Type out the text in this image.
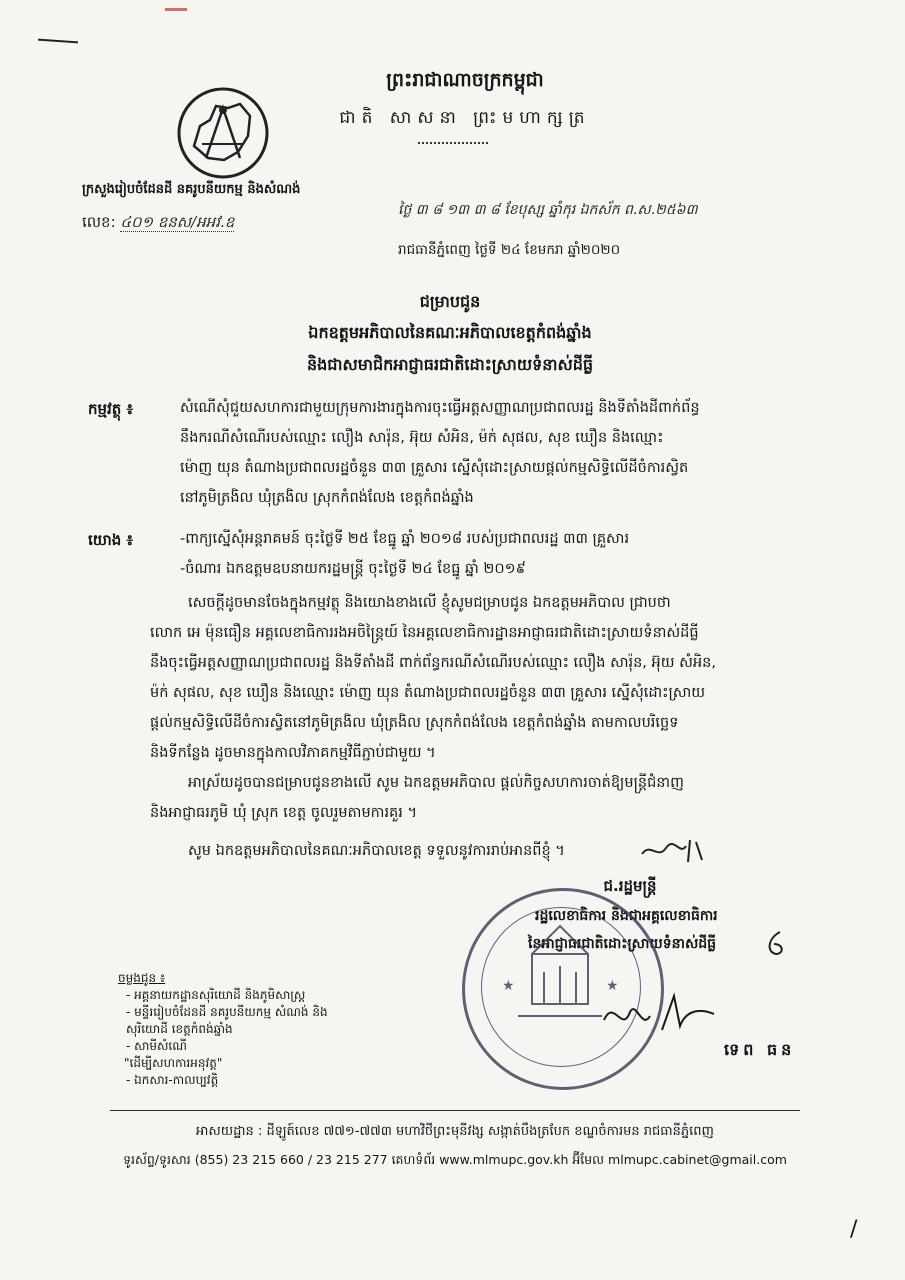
ព្រះរាជាណាចក្រកម្ពុជា
ជាតិ សាសនា ព្រះមហាក្សត្រ
ក្រសួងរៀបចំដែនដី នគរូបនីយកម្ម និងសំណង់
លេខ: ៤០១ ឧនស/អអវ.ឧ
ថ្ងៃ ៣ ៨ ១៣ ៣ ៨ ខែបុស្ស ឆ្នាំកុរ ឯកស័ក ព.ស.២៥៦៣
រាជធានីភ្នំពេញ ថ្ងៃទី ២៤ ខែមករា ឆ្នាំ២០២០
ជម្រាបជូន
ឯកឧត្តមអភិបាលនៃគណៈអភិបាលខេត្តកំពង់ឆ្នាំង
និងជាសមាជិកអាជ្ញាធរជាតិដោះស្រាយទំនាស់ដីធ្លី
កម្មវត្ថុ ៖	សំណើសុំជួយសហការជាមួយក្រុមការងារក្នុងការចុះធ្វើអត្តសញ្ញាណប្រជាពលរដ្ឋ និងទីតាំងដីពាក់ព័ន្ធ
នឹងករណីសំណើរបស់ឈ្មោះ លឿង សារ៉ុន, អ៊ុយ សំអិន, ម៉ក់ សុផល, សុខ ឃឿន និងឈ្មោះ
ម៉ោញ យុន តំណាងប្រជាពលរដ្ឋចំនួន ៣៣ គ្រួសារ ស្នើសុំដោះស្រាយផ្តល់កម្មសិទ្ធិលើដីចំការស្វិត
នៅភូមិត្រងិល ឃុំត្រងិល ស្រុកកំពង់លែង ខេត្តកំពង់ឆ្នាំង
យោង ៖	-ពាក្យស្នើសុំអន្តរាគមន៍ ចុះថ្ងៃទី ២៥ ខែធ្នូ ឆ្នាំ ២០១៨ របស់ប្រជាពលរដ្ឋ ៣៣ គ្រួសារ
-ចំណារ ឯកឧត្តមឧបនាយករដ្ឋមន្ត្រី ចុះថ្ងៃទី ២៤ ខែធ្នូ ឆ្នាំ ២០១៩
សេចក្តីដូចមានចែងក្នុងកម្មវត្ថុ និងយោងខាងលើ ខ្ញុំសូមជម្រាបជូន ឯកឧត្តមអភិបាល ជ្រាបថា
លោក អេ ម៉ុនធឿន អគ្គលេខាធិការរងអចិន្ត្រៃយ៍ នៃអគ្គលេខាធិការដ្ឋានអាជ្ញាធរជាតិដោះស្រាយទំនាស់ដីធ្លី
នឹងចុះធ្វើអត្តសញ្ញាណប្រជាពលរដ្ឋ និងទីតាំងដី ពាក់ព័ន្ធករណីសំណើរបស់ឈ្មោះ លឿង សារ៉ុន, អ៊ុយ សំអិន,
ម៉ក់ សុផល, សុខ ឃឿន និងឈ្មោះ ម៉ោញ យុន តំណាងប្រជាពលរដ្ឋចំនួន ៣៣ គ្រួសារ ស្នើសុំដោះស្រាយ
ផ្តល់កម្មសិទ្ធិលើដីចំការស្វិតនៅភូមិត្រងិល ឃុំត្រងិល ស្រុកកំពង់លែង ខេត្តកំពង់ឆ្នាំង តាមកាលបរិច្ឆេទ
និងទីកន្លែង ដូចមានក្នុងកាលវិភាគកម្មវិធីភ្ជាប់ជាមួយ ។
អាស្រ័យដូចបានជម្រាបជូនខាងលើ សូម ឯកឧត្តមអភិបាល ផ្តល់កិច្ចសហការចាត់ឱ្យមន្ត្រីជំនាញ
និងអាជ្ញាធរភូមិ ឃុំ ស្រុក ខេត្ត ចូលរួមតាមការគួរ ។
សូម ឯកឧត្តមអភិបាលនៃគណៈអភិបាលខេត្ត ទទួលនូវការរាប់អានពីខ្ញុំ ។
ជ.រដ្ឋមន្ត្រី
រដ្ឋលេខាធិការ និងជាអគ្គលេខាធិការ
នៃអាជ្ញាធរជាតិដោះស្រាយទំនាស់ដីធ្លី
★	★
ទេព ធន
ចម្លងជូន ៖
- អគ្គនាយកដ្ឋានសុរិយោដី និងភូមិសាស្ត្រ
- មន្ទីររៀបចំដែនដី នគរូបនីយកម្ម សំណង់ និង
សុរិយោដី ខេត្តកំពង់ឆ្នាំង
- សាមីសំណើ
"ដើម្បីសហការអនុវត្ត"
- ឯកសារ-កាលប្បវត្តិ
អាសយដ្ឋាន : ដីឡូត៍លេខ ៧៧១-៧៧៣ មហាវិថីព្រះមុនីវង្ស សង្កាត់បឹងត្របែក ខណ្ឌចំការមន រាជធានីភ្នំពេញ
ទូរស័ព្ទ/ទូរសារ (855) 23 215 660 / 23 215 277 គេហទំព័រ www.mlmupc.gov.kh អ៊ីមែល mlmupc.cabinet@gmail.com
/
